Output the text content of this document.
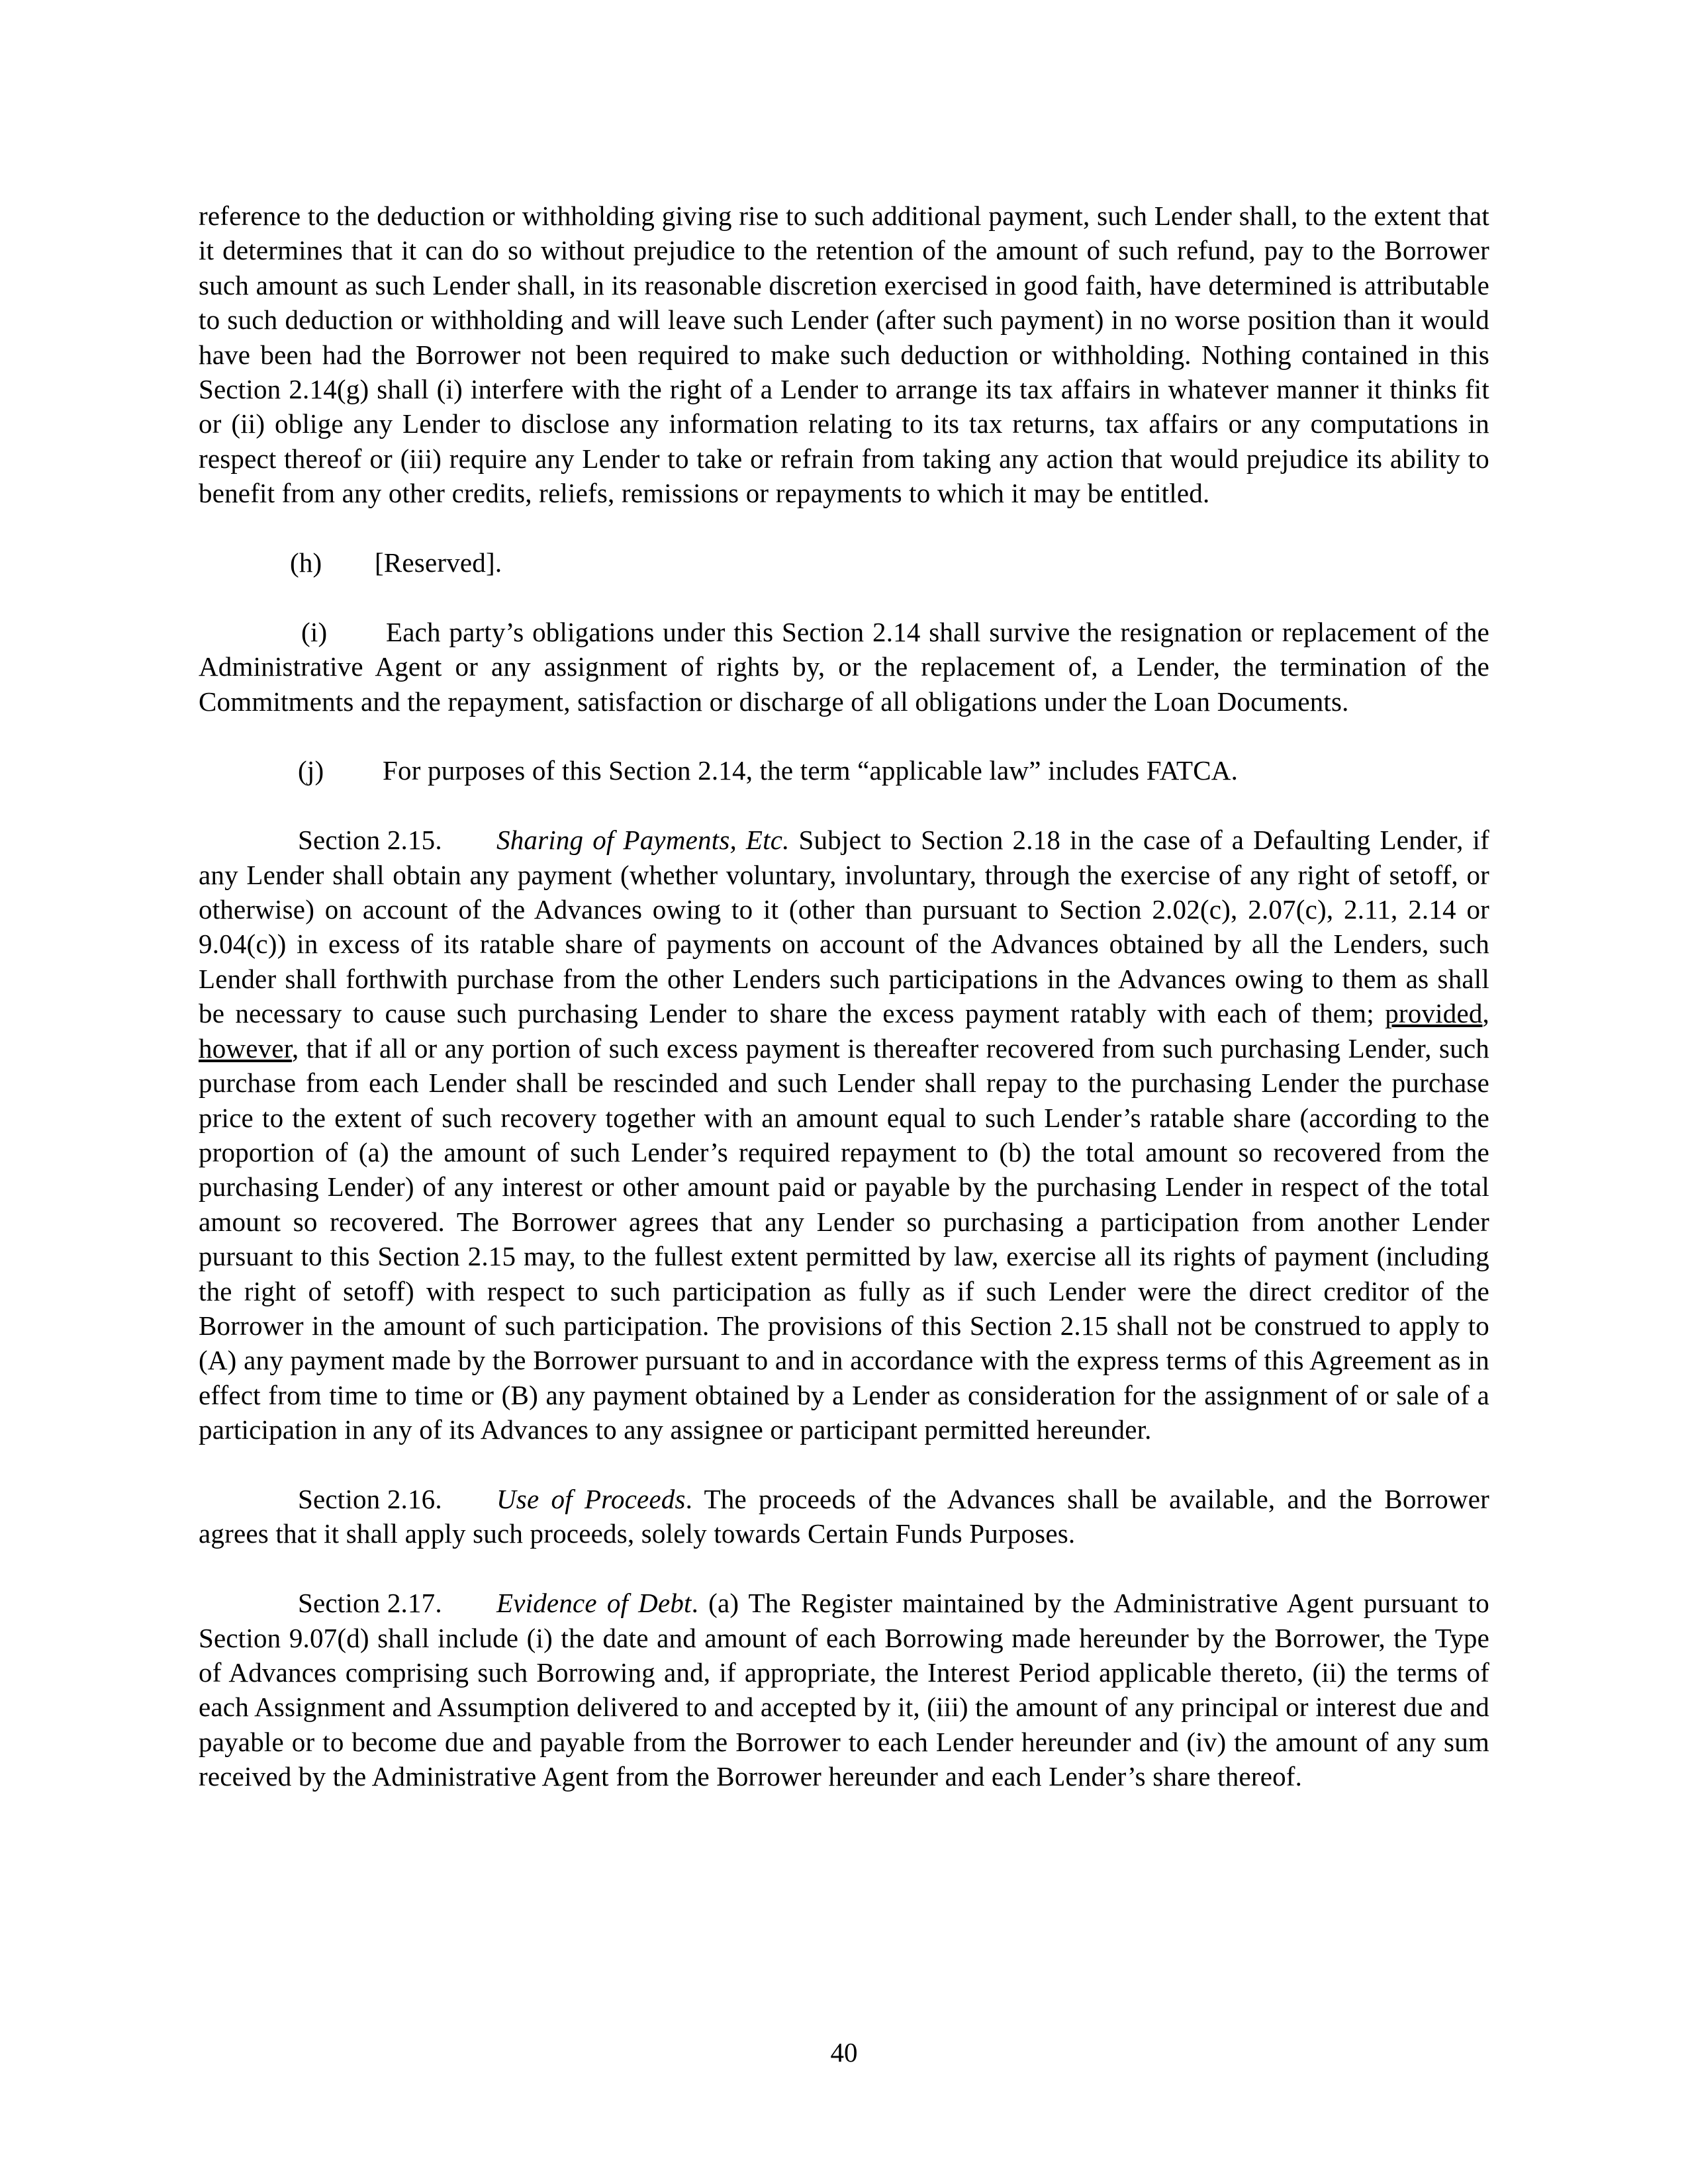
reference to the deduction or withholding giving rise to such additional payment, such Lender shall, to the extent that it determines that it can do so without prejudice to the retention of the amount of such refund, pay to the Borrower such amount as such Lender shall, in its reasonable discretion exercised in good faith, have determined is attributable to such deduction or withholding and will leave such Lender (after such payment) in no worse position than it would have been had the Borrower not been required to make such deduction or withholding. Nothing contained in this Section 2.14(g) shall (i) interfere with the right of a Lender to arrange its tax affairs in whatever manner it thinks fit or (ii) oblige any Lender to disclose any information relating to its tax returns, tax affairs or any computations in respect thereof or (iii) require any Lender to take or refrain from taking any action that would prejudice its ability to benefit from any other credits, reliefs, remissions or repayments to which it may be entitled.

(h) [Reserved].

(i) Each party’s obligations under this Section 2.14 shall survive the resignation or replacement of the Administrative Agent or any assignment of rights by, or the replacement of, a Lender, the termination of the Commitments and the repayment, satisfaction or discharge of all obligations under the Loan Documents.

(j) For purposes of this Section 2.14, the term “applicable law” includes FATCA.

Section 2.15. Sharing of Payments, Etc. Subject to Section 2.18 in the case of a Defaulting Lender, if any Lender shall obtain any payment (whether voluntary, involuntary, through the exercise of any right of setoff, or otherwise) on account of the Advances owing to it (other than pursuant to Section 2.02(c), 2.07(c), 2.11, 2.14 or 9.04(c)) in excess of its ratable share of payments on account of the Advances obtained by all the Lenders, such Lender shall forthwith purchase from the other Lenders such participations in the Advances owing to them as shall be necessary to cause such purchasing Lender to share the excess payment ratably with each of them; provided, however, that if all or any portion of such excess payment is thereafter recovered from such purchasing Lender, such purchase from each Lender shall be rescinded and such Lender shall repay to the purchasing Lender the purchase price to the extent of such recovery together with an amount equal to such Lender’s ratable share (according to the proportion of (a) the amount of such Lender’s required repayment to (b) the total amount so recovered from the purchasing Lender) of any interest or other amount paid or payable by the purchasing Lender in respect of the total amount so recovered. The Borrower agrees that any Lender so purchasing a participation from another Lender pursuant to this Section 2.15 may, to the fullest extent permitted by law, exercise all its rights of payment (including the right of setoff) with respect to such participation as fully as if such Lender were the direct creditor of the Borrower in the amount of such participation. The provisions of this Section 2.15 shall not be construed to apply to (A) any payment made by the Borrower pursuant to and in accordance with the express terms of this Agreement as in effect from time to time or (B) any payment obtained by a Lender as consideration for the assignment of or sale of a participation in any of its Advances to any assignee or participant permitted hereunder.

Section 2.16. Use of Proceeds. The proceeds of the Advances shall be available, and the Borrower agrees that it shall apply such proceeds, solely towards Certain Funds Purposes.

Section 2.17. Evidence of Debt. (a) The Register maintained by the Administrative Agent pursuant to Section 9.07(d) shall include (i) the date and amount of each Borrowing made hereunder by the Borrower, the Type of Advances comprising such Borrowing and, if appropriate, the Interest Period applicable thereto, (ii) the terms of each Assignment and Assumption delivered to and accepted by it, (iii) the amount of any principal or interest due and payable or to become due and payable from the Borrower to each Lender hereunder and (iv) the amount of any sum received by the Administrative Agent from the Borrower hereunder and each Lender’s share thereof.

40
